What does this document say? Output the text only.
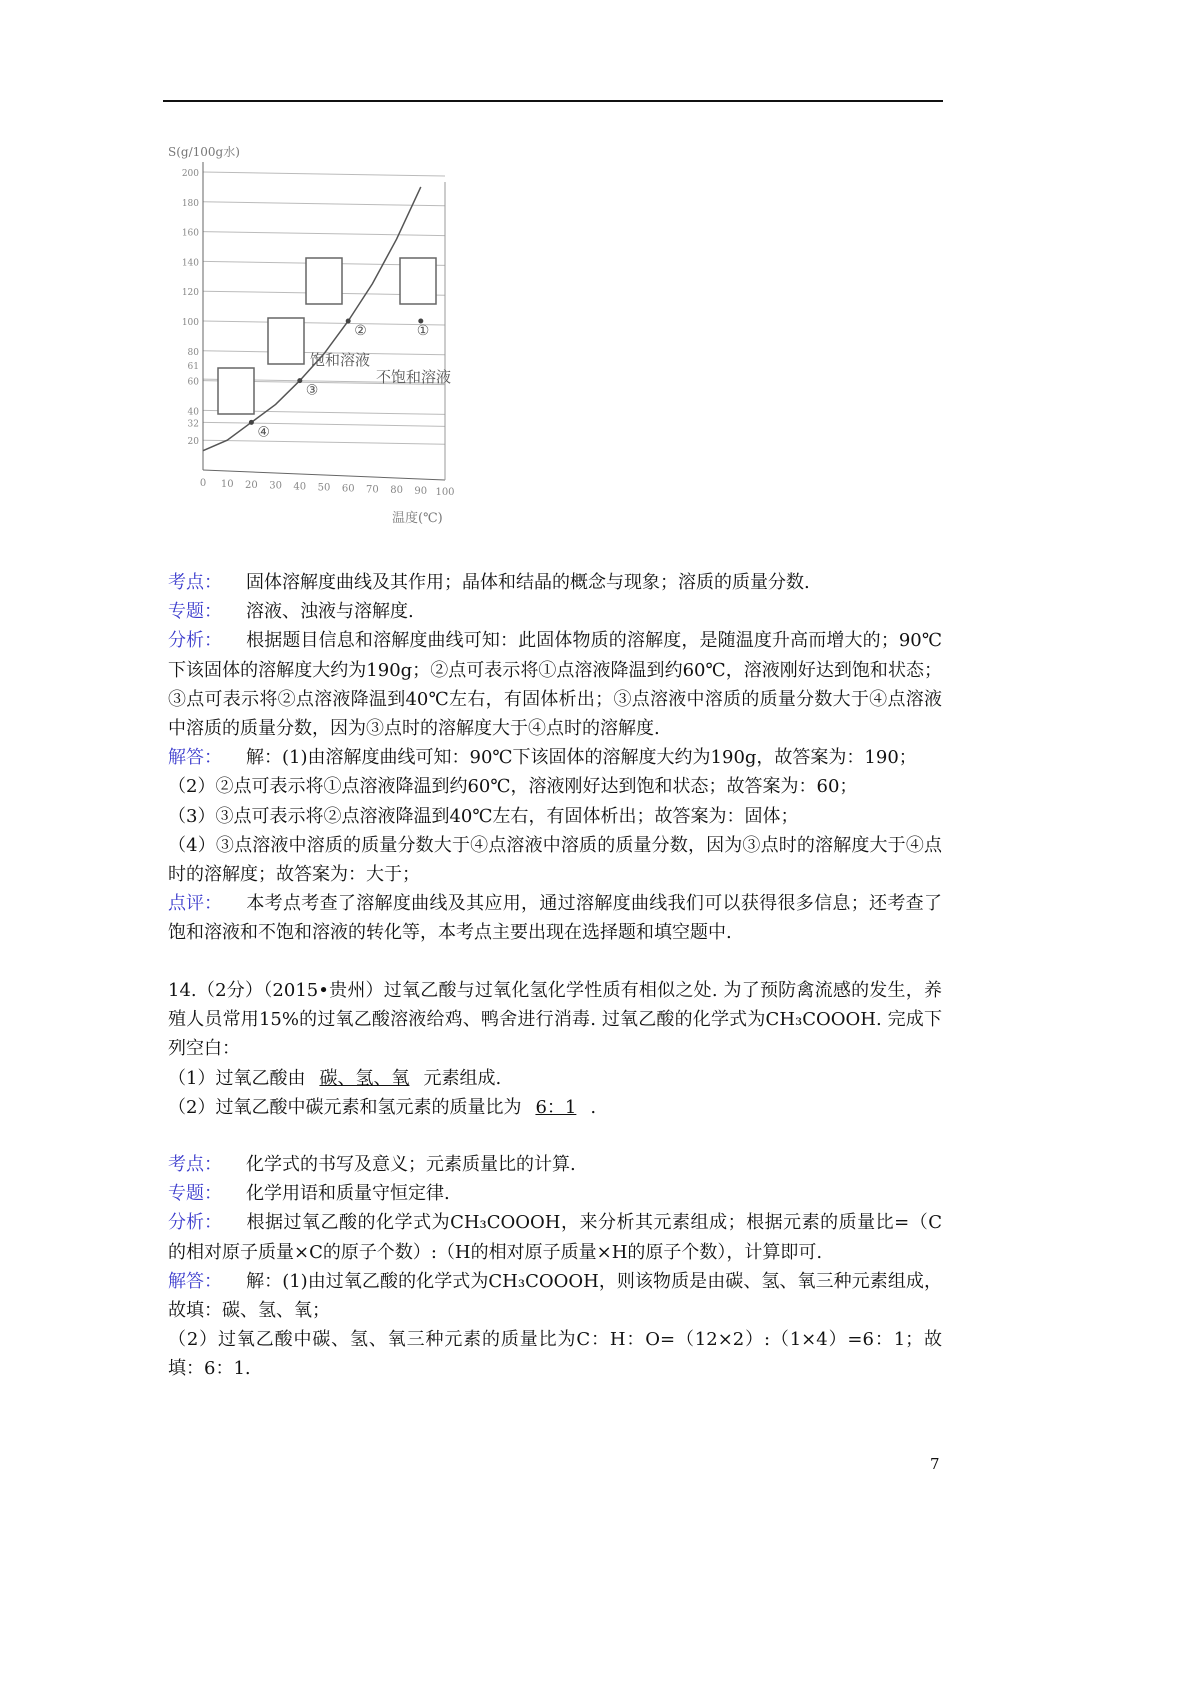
S(g/100g水)
温度(℃)
200
180
160
140
120
100
80
61
60
40
32
20
0 10 20 30 40 50 60 70 80 90 100
①
②
③
④
饱和溶液
不饱和溶液
考点：	固体溶解度曲线及其作用；晶体和结晶的概念与现象；溶质的质量分数.
专题：	溶液、浊液与溶解度.
分析： 根据题目信息和溶解度曲线可知：此固体物质的溶解度，是随温度升高而增大的；90℃下该固体的溶解度大约为190g；②点可表示将①点溶液降温到约60℃，溶液刚好达到饱和状态；③点可表示将②点溶液降温到40℃左右，有固体析出；③点溶液中溶质的质量分数大于④点溶液中溶质的质量分数，因为③点时的溶解度大于④点时的溶解度.
解答： 解：(1)由溶解度曲线可知：90℃下该固体的溶解度大约为190g，故答案为：190；
（2）②点可表示将①点溶液降温到约60℃，溶液刚好达到饱和状态；故答案为：60；
（3）③点可表示将②点溶液降温到40℃左右，有固体析出；故答案为：固体；
（4）③点溶液中溶质的质量分数大于④点溶液中溶质的质量分数，因为③点时的溶解度大于④点时的溶解度；故答案为：大于；
点评： 本考点考查了溶解度曲线及其应用，通过溶解度曲线我们可以获得很多信息；还考查了饱和溶液和不饱和溶液的转化等，本考点主要出现在选择题和填空题中.
14.（2分）（2015•贵州）过氧乙酸与过氧化氢化学性质有相似之处. 为了预防禽流感的发生，养殖人员常用15%的过氧乙酸溶液给鸡、鸭舍进行消毒. 过氧乙酸的化学式为CH₃COOOH. 完成下列空白：
（1）过氧乙酸由 碳、氢、氧 元素组成.
（2）过氧乙酸中碳元素和氢元素的质量比为 6：1 .
考点：	化学式的书写及意义；元素质量比的计算.
专题：	化学用语和质量守恒定律.
分析： 根据过氧乙酸的化学式为CH₃COOOH，来分析其元素组成；根据元素的质量比=（C的相对原子质量×C的原子个数）:（H的相对原子质量×H的原子个数），计算即可.
解答： 解：(1)由过氧乙酸的化学式为CH₃COOOH，则该物质是由碳、氢、氧三种元素组成，故填：碳、氢、氧；
（2）过氧乙酸中碳、氢、氧三种元素的质量比为C：H：O=（12×2）:（1×4）=6：1；故填：6：1.
7
